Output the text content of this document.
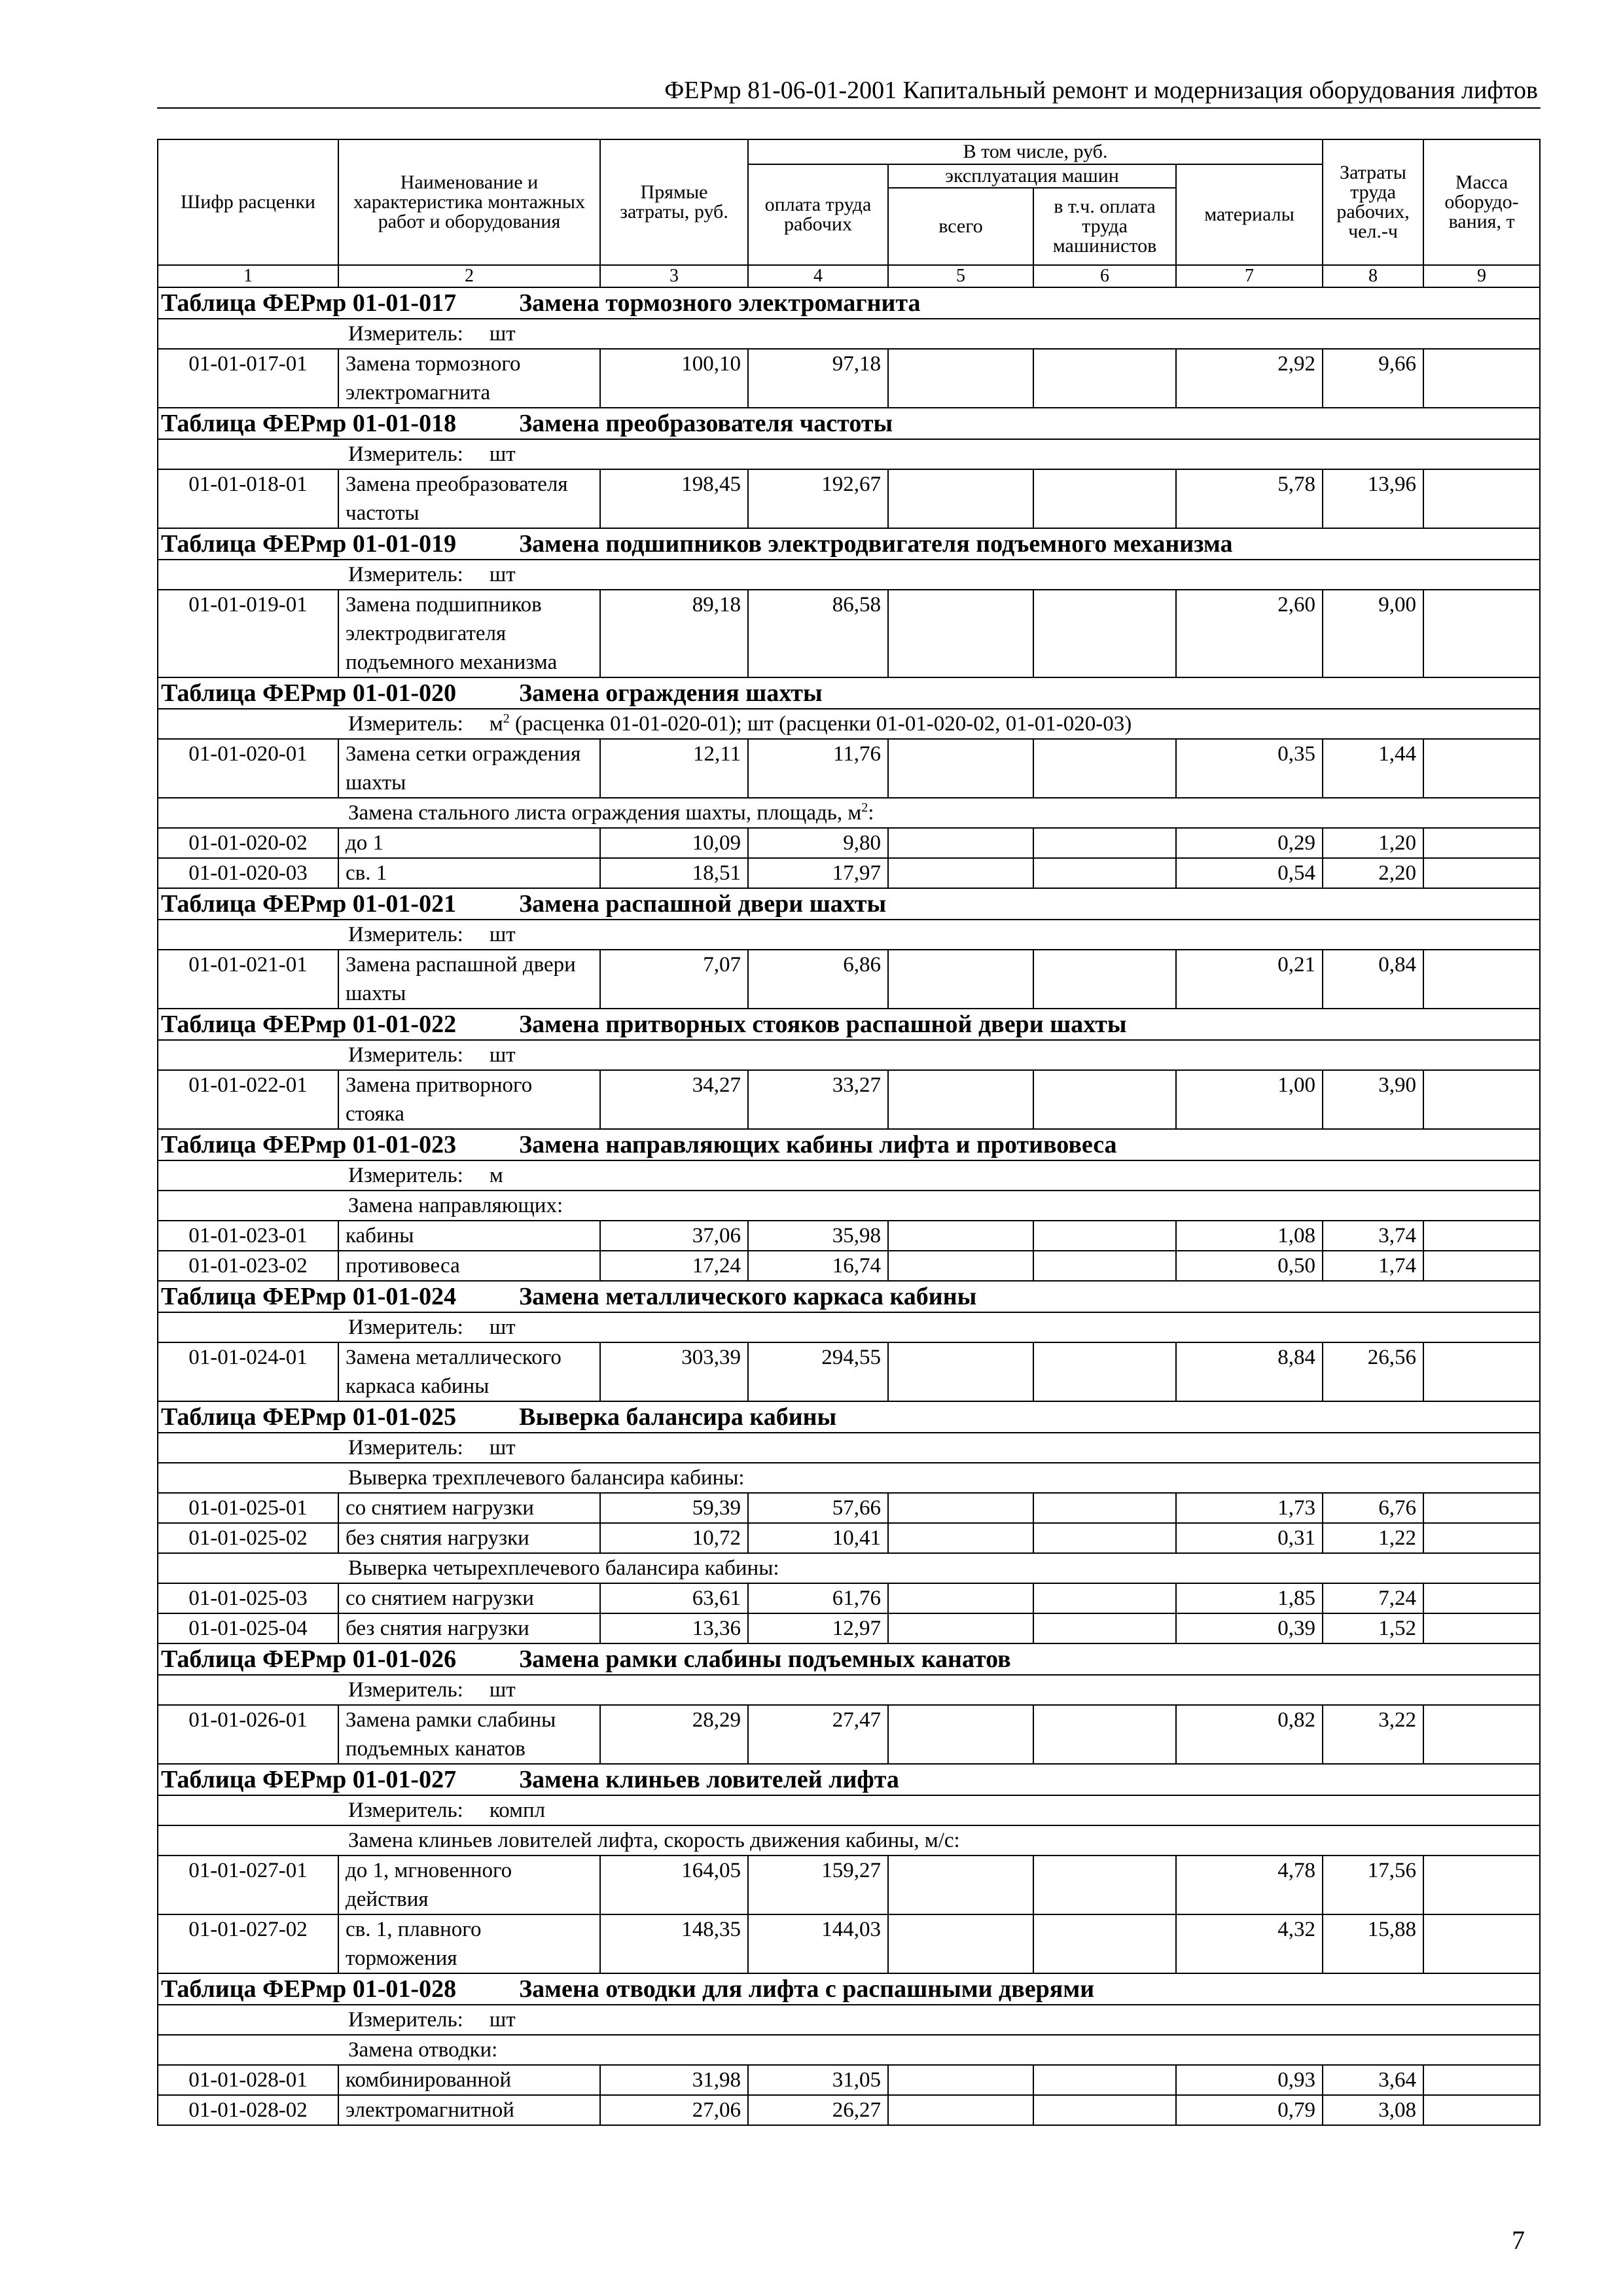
ФЕРмр 81-06-01-2001 Капитальный ремонт и модернизация оборудования лифтов
Шифр расценки	Наименование и характеристика монтажных работ и оборудования	Прямые затраты, руб.	В том числе, руб.				Затраты труда рабочих, чел.-ч	Масса оборудо- вания, т
			оплата труда рабочих	эксплуатация машин		материалы		
				всего	в т.ч. оплата труда машинистов			
1	2	3	4	5	6	7	8	9
Таблица ФЕРмр 01-01-017 Замена тормозного электромагнита								
Измеритель: шт								
01-01-017-01	Замена тормозного электромагнита	100,10	97,18			2,92	9,66	
Таблица ФЕРмр 01-01-018 Замена преобразователя частоты								
Измеритель: шт								
01-01-018-01	Замена преобразователя частоты	198,45	192,67			5,78	13,96	
Таблица ФЕРмр 01-01-019 Замена подшипников электродвигателя подъемного механизма								
Измеритель: шт								
01-01-019-01	Замена подшипников электродвигателя подъемного механизма	89,18	86,58			2,60	9,00	
Таблица ФЕРмр 01-01-020 Замена ограждения шахты								
Измеритель: $м^2$ (расценка 01-01-020-01); шт (расценки 01-01-020-02, 01-01-020-03)								
01-01-020-01	Замена сетки ограждения шахты	12,11	11,76			0,35	1,44	
Замена стального листа ограждения шахты, площадь, $м^2$:								
01-01-020-02	до 1	10,09	9,80			0,29	1,20	
01-01-020-03	св. 1	18,51	17,97			0,54	2,20	
Таблица ФЕРмр 01-01-021 Замена распашной двери шахты								
Измеритель: шт								
01-01-021-01	Замена распашной двери шахты	7,07	6,86			0,21	0,84	
Таблица ФЕРмр 01-01-022 Замена притворных стояков распашной двери шахты								
Измеритель: шт								
01-01-022-01	Замена притворного стояка	34,27	33,27			1,00	3,90	
Таблица ФЕРмр 01-01-023 Замена направляющих кабины лифта и противовеса								
Измеритель: м								
Замена направляющих:								
01-01-023-01	кабины	37,06	35,98			1,08	3,74	
01-01-023-02	противовеса	17,24	16,74			0,50	1,74	
Таблица ФЕРмр 01-01-024 Замена металлического каркаса кабины								
Измеритель: шт								
01-01-024-01	Замена металлического каркаса кабины	303,39	294,55			8,84	26,56	
Таблица ФЕРмр 01-01-025 Выверка балансира кабины								
Измеритель: шт								
Выверка трехплечевого балансира кабины:								
01-01-025-01	со снятием нагрузки	59,39	57,66			1,73	6,76	
01-01-025-02	без снятия нагрузки	10,72	10,41			0,31	1,22	
Выверка четырехплечевого балансира кабины:								
01-01-025-03	со снятием нагрузки	63,61	61,76			1,85	7,24	
01-01-025-04	без снятия нагрузки	13,36	12,97			0,39	1,52	
Таблица ФЕРмр 01-01-026 Замена рамки слабины подъемных канатов								
Измеритель: шт								
01-01-026-01	Замена рамки слабины подъемных канатов	28,29	27,47			0,82	3,22	
Таблица ФЕРмр 01-01-027 Замена клиньев ловителей лифта								
Измеритель: компл								
Замена клиньев ловителей лифта, скорость движения кабины, м/с:								
01-01-027-01	до 1, мгновенного действия	164,05	159,27			4,78	17,56	
01-01-027-02	св. 1, плавного торможения	148,35	144,03			4,32	15,88	
Таблица ФЕРмр 01-01-028 Замена отводки для лифта с распашными дверями								
Измеритель: шт								
Замена отводки:								
01-01-028-01	комбинированной	31,98	31,05			0,93	3,64	
01-01-028-02	электромагнитной	27,06	26,27			0,79	3,08	
7
